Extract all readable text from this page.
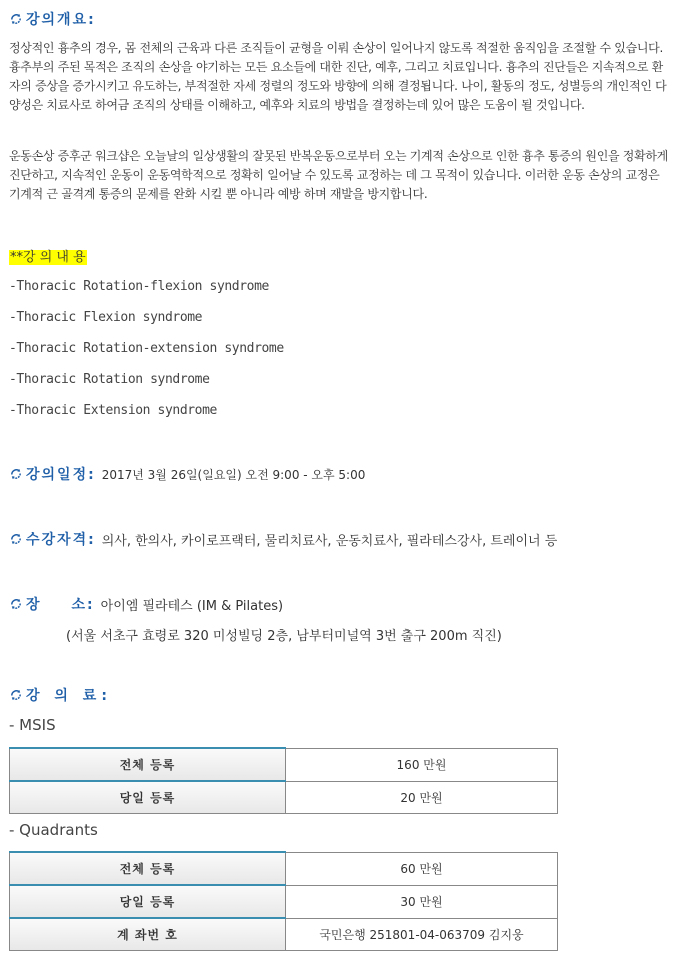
강의개요:
정상적인 흉추의 경우, 몸 전체의 근육과 다른 조직들이 균형을 이뤄 손상이 일어나지 않도록 적절한 움직임을 조절할 수 있습니다. 흉추부의 주된 목적은 조직의 손상을 야기하는 모든 요소들에 대한 진단, 예후, 그리고 치료입니다. 흉추의 진단들은 지속적으로 환자의 증상을 증가시키고 유도하는, 부적절한 자세 정렬의 정도와 방향에 의해 결정됩니다. 나이, 활동의 정도, 성별등의 개인적인 다양성은 치료사로 하여금 조직의 상태를 이해하고, 예후와 치료의 방법을 결정하는데 있어 많은 도움이 될 것입니다.
운동손상 증후군 워크샵은 오늘날의 일상생활의 잘못된 반복운동으로부터 오는 기계적 손상으로 인한 흉추 통증의 원인을 정확하게 진단하고, 지속적인 운동이 운동역학적으로 정확히 일어날 수 있도록 교정하는 데 그 목적이 있습니다. 이러한 운동 손상의 교정은 기계적 근 골격계 통증의 문제를 완화 시킬 뿐 아니라 예방 하며 재발을 방지합니다.
**강 의 내 용
-Thoracic Rotation-flexion syndrome
-Thoracic Flexion syndrome
-Thoracic Rotation-extension syndrome
-Thoracic Rotation syndrome
-Thoracic Extension syndrome
강의일정: 2017년 3월 26일(일요일) 오전 9:00 - 오후 5:00
수강자격: 의사, 한의사, 카이로프랙터, 물리치료사, 운동치료사, 필라테스강사, 트레이너 등
장 소: 아이엠 필라테스 (IM & Pilates)
(서울 서초구 효령로 320 미성빌딩 2층, 남부터미널역 3번 출구 200m 직진)
강 의 료:
- MSIS
전체 등록	160 만원
당일 등록	20 만원
- Quadrants
전체 등록	60 만원
당일 등록	30 만원
계 좌번 호	국민은행 251801-04-063709 김지웅
